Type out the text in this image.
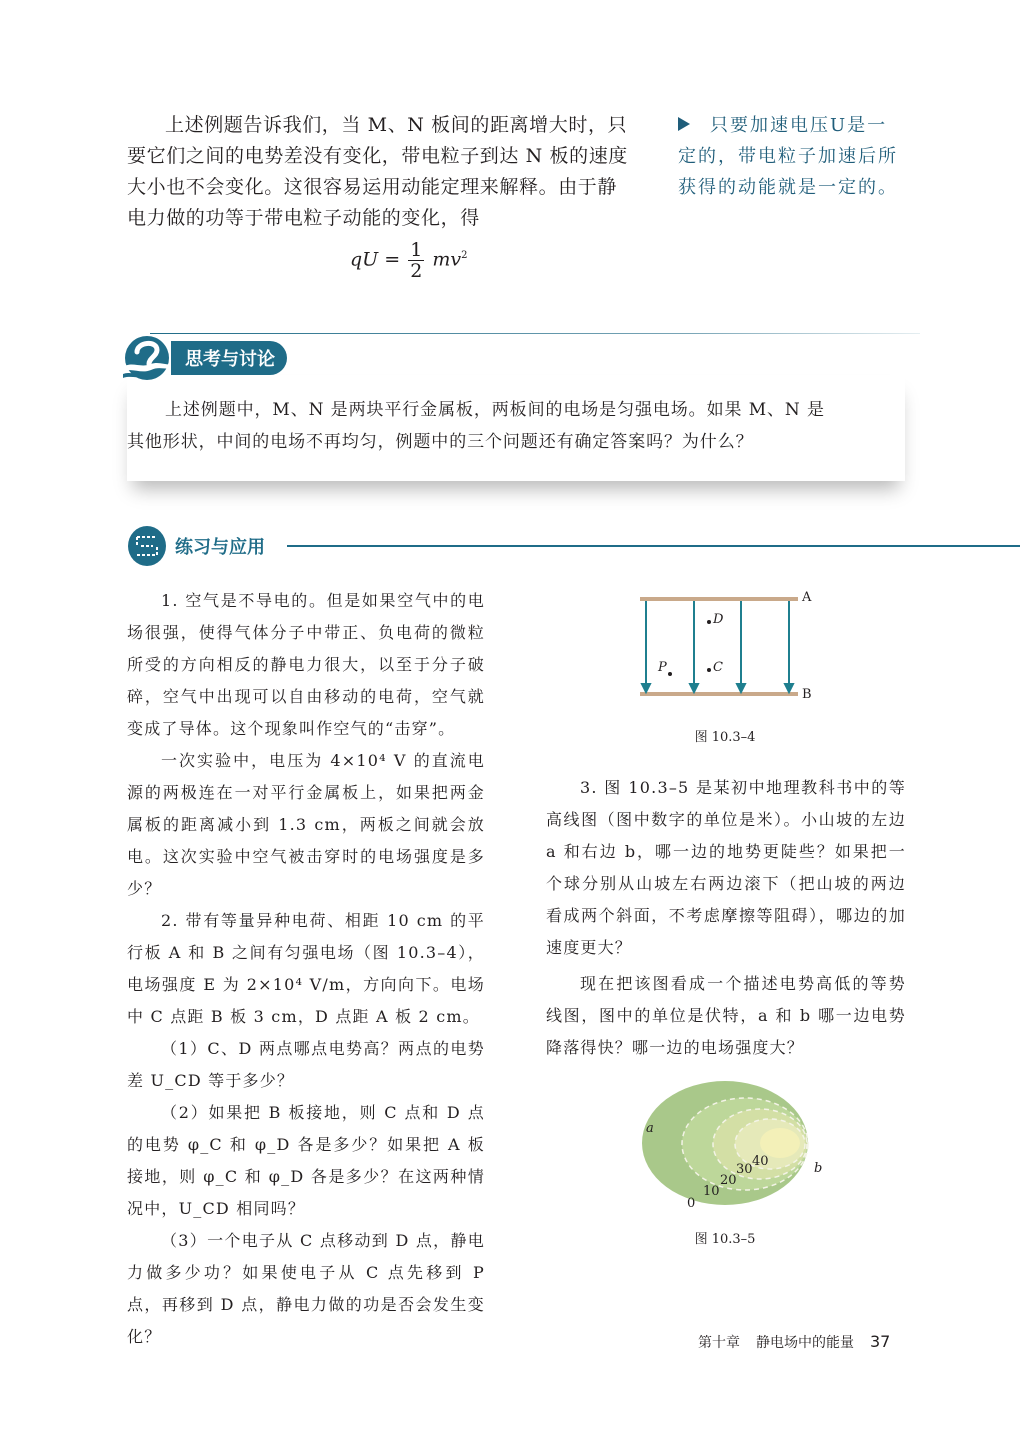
上述例题告诉我们，当 M、N 板间的距离增大时，只

要它们之间的电势差没有变化，带电粒子到达 N 板的速度

大小也不会变化。这很容易运用动能定理来解释。由于静

电力做的功等于带电粒子动能的变化，得

qU = $\frac{1}{2} mv^2$
只要加速电压U是一
定的，带电粒子加速后所
获得的动能就是一定的。
思考与讨论

上述例题中，M、N 是两块平行金属板，两板间的电场是匀强电场。如果 M、N 是

其他形状，中间的电场不再均匀，例题中的三个问题还有确定答案吗？为什么？

练习与应用

1. 空气是不导电的。但是如果空气中的电场很强，使得气体分子中带正、负电荷的微粒所受的方向相反的静电力很大，以至于分子破碎，空气中出现可以自由移动的电荷，空气就变成了导体。这个现象叫作空气的“击穿”。

一次实验中，电压为 4×10⁴ V 的直流电源的两极连在一对平行金属板上，如果把两金属板的距离减小到 1.3 cm，两板之间就会放电。这次实验中空气被击穿时的电场强度是多少？

2. 带有等量异种电荷、相距 10 cm 的平行板 A 和 B 之间有匀强电场（图 10.3–4），电场强度 E 为 2×10⁴ V/m，方向向下。电场中 C 点距 B 板 3 cm，D 点距 A 板 2 cm。

（1）C、D 两点哪点电势高？两点的电势差 U_CD 等于多少？

（2）如果把 B 板接地，则 C 点和 D 点的电势 φ_C 和 φ_D 各是多少？如果把 A 板接地，则 φ_C 和 φ_D 各是多少？在这两种情况中，U_CD 相同吗？

（3）一个电子从 C 点移动到 D 点，静电力做多少功？如果使电子从 C 点先移到 P 点，再移到 D 点，静电力做的功是否会发生变化？

A
B
D
C
P
图 10.3–4

3. 图 10.3–5 是某初中地理教科书中的等高线图（图中数字的单位是米）。小山坡的左边 a 和右边 b，哪一边的地势更陡些？如果把一个球分别从山坡左右两边滚下（把山坡的两边看成两个斜面，不考虑摩擦等阻碍），哪边的加速度更大？

现在把该图看成一个描述电势高低的等势线图，图中的单位是伏特，a 和 b 哪一边电势降落得快？哪一边的电场强度大？

a
b
0
10
20
30
40
图 10.3–5
第十章 静电场中的能量 37
